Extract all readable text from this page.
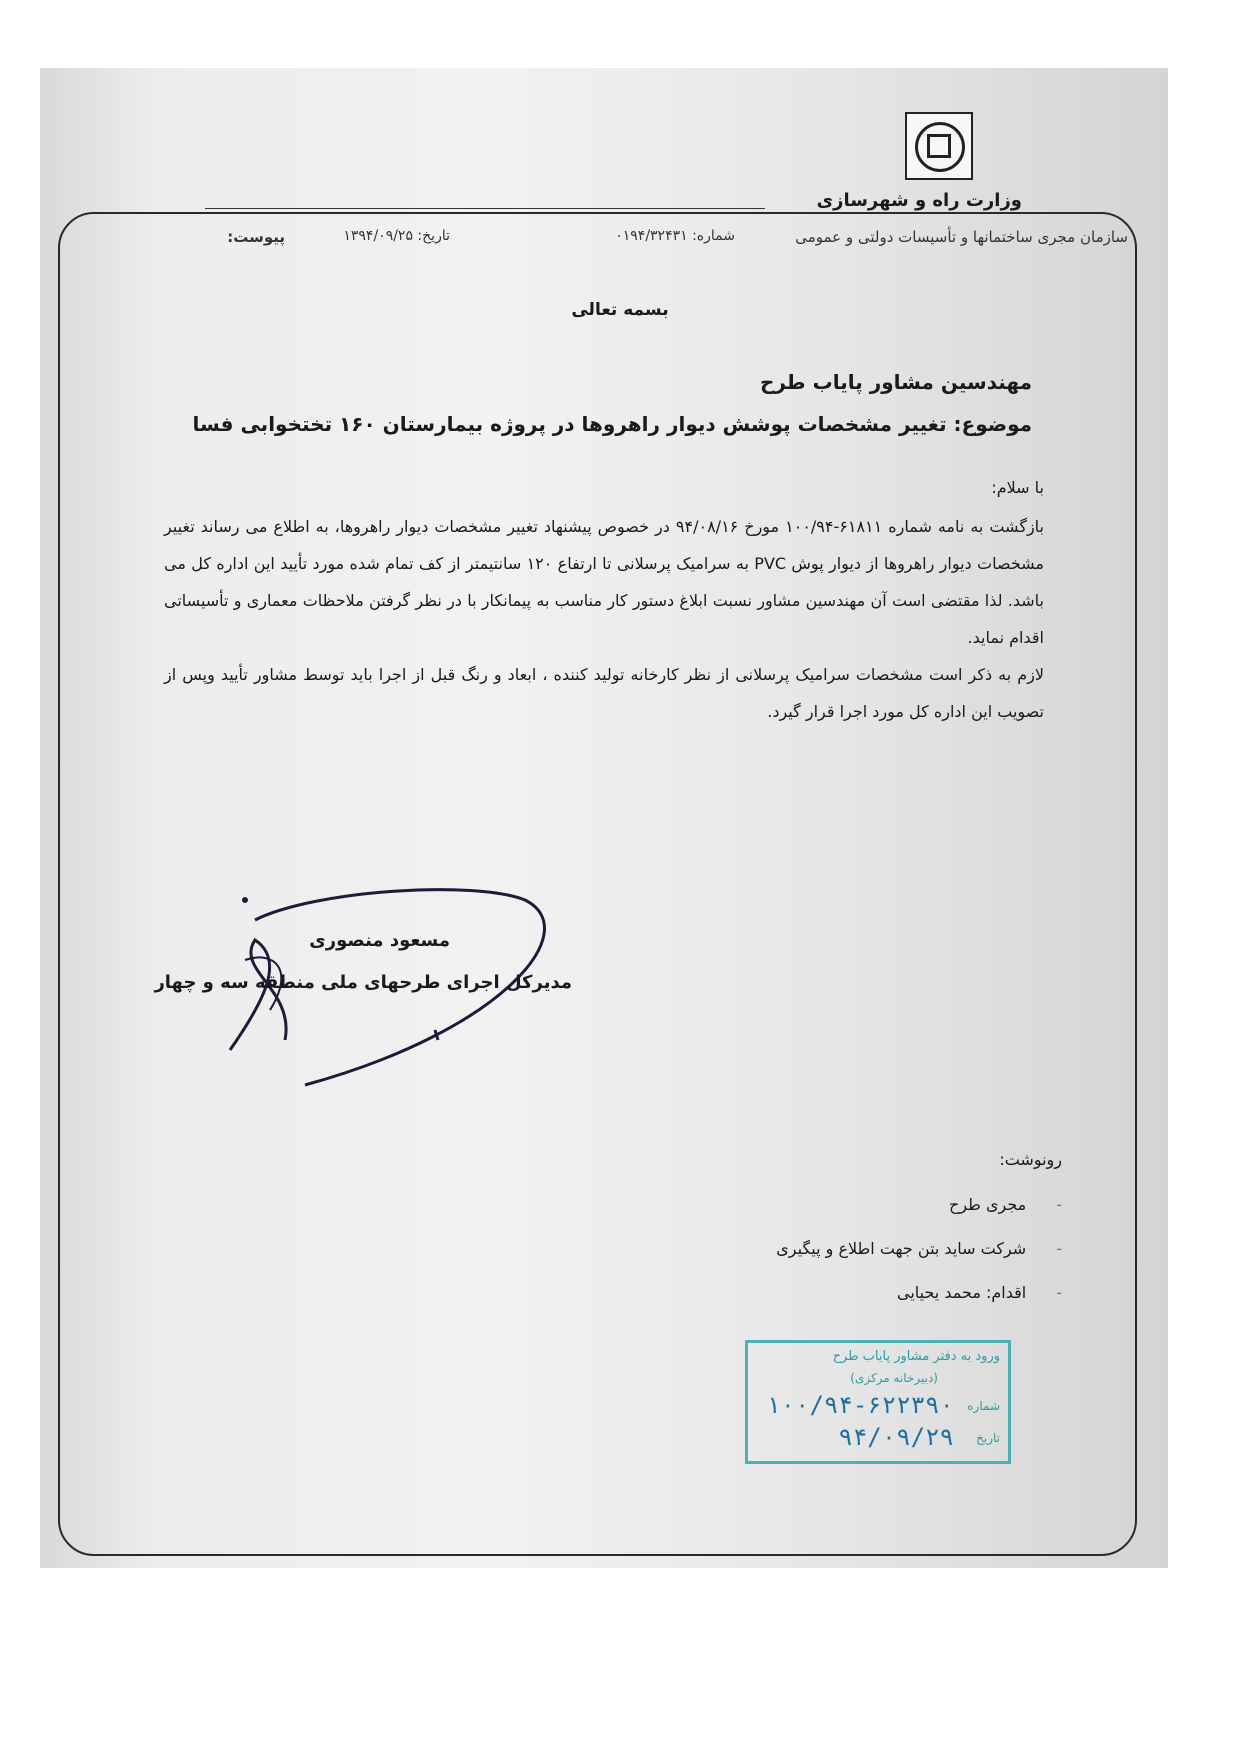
وزارت راه و شهرسازی
سازمان مجری ساختمانها و تأسیسات دولتی و عمومی
شماره: ۰۱۹۴/۳۲۴۳۱
تاریخ: ۱۳۹۴/۰۹/۲۵
پیوست:
بسمه تعالی
مهندسین مشاور پایاب طرح
موضوع: تغییر مشخصات پوشش دیوار راهروها در پروژه بیمارستان ۱۶۰ تختخوابی فسا
با سلام:

بازگشت به نامه شماره ۶۱۸۱۱-۱۰۰/۹۴ مورخ ۹۴/۰۸/۱۶ در خصوص پیشنهاد تغییر مشخصات دیوار راهروها، به اطلاع می رساند تغییر مشخصات دیوار راهروها از دیوار پوش PVC به سرامیک پرسلانی تا ارتفاع ۱۲۰ سانتیمتر از کف تمام شده مورد تأیید این اداره کل می باشد. لذا مقتضی است آن مهندسین مشاور نسبت ابلاغ دستور کار مناسب به پیمانکار با در نظر گرفتن ملاحظات معماری و تأسیساتی اقدام نماید.

لازم به ذکر است مشخصات سرامیک پرسلانی از نظر کارخانه تولید کننده ، ابعاد و رنگ قبل از اجرا باید توسط مشاور تأیید وپس از تصویب این اداره کل مورد اجرا قرار گیرد.

مسعود منصوری
مدیرکل اجرای طرحهای ملی منطقه سه و چهار
رونوشت:
-مجری طرح
-شرکت ساید بتن جهت اطلاع و پیگیری
-اقدام: محمد یحیایی
ورود به دفتر مشاور پایاب طرح
(دبیرخانه مرکزی)
شماره
۱۰۰/۹۴-۶۲۲۳۹۰
تاریخ
۹۴/۰۹/۲۹
